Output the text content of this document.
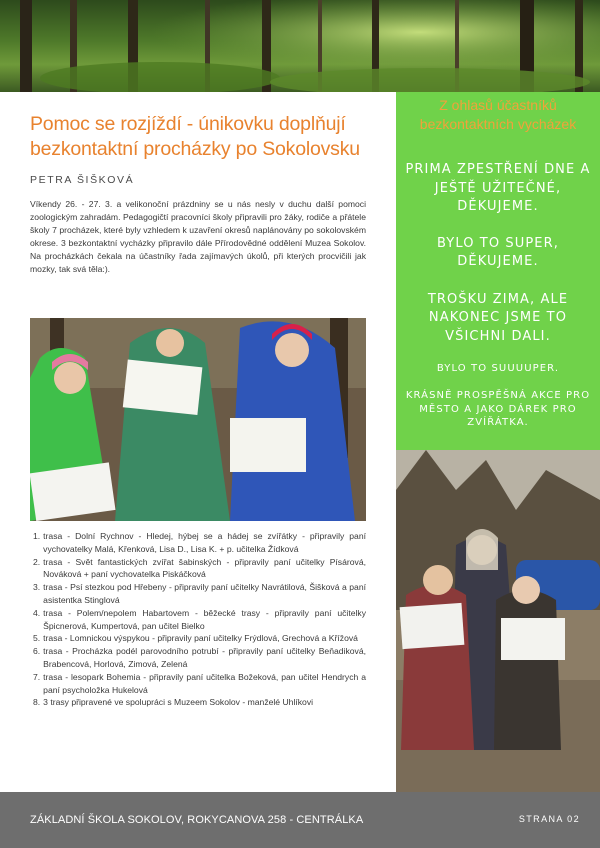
Pomoc se rozjíždí - únikovku doplňují bezkontaktní procházky po Sokolovsku
PETRA ŠIŠKOVÁ

Víkendy 26. - 27. 3. a velikonoční prázdniny se u nás nesly v duchu další pomoci zoologickým zahradám. Pedagogičtí pracovníci školy připravili pro žáky, rodiče a přátele školy 7 procházek, které byly vzhledem k uzavření okresů naplánovány po sokolovském okrese. 3 bezkontaktní vycházky připravilo dále Přírodovědné oddělení Muzea Sokolov. Na procházkách čekala na účastníky řada zajímavých úkolů, při kterých procvičili jak mozky, tak svá těla:).

1. trasa - Dolní Rychnov - Hledej, hýbej se a hádej se zvířátky - připravily paní vychovatelky Malá, Křenková, Lisa D., Lisa K. + p. učitelka Žídková
2. trasa - Svět fantastických zvířat šabinských - připravily paní učitelky Písárová, Nováková + paní vychovatelka Piskáčková
3. trasa - Psí stezkou pod Hřebeny - připravily paní učitelky Navrátilová, Šišková a paní asistentka Stinglová
4. trasa - Polem/nepolem Habartovem - běžecké trasy - připravily paní učitelky Špicnerová, Kumpertová, pan učitel Bielko
5. trasa - Lomnickou výspykou - připravily paní učitelky Frýdlová, Grechová a Křížová
6. trasa - Procházka podél parovodního potrubí - připravily paní učitelky Beňadiková, Brabencová, Horlová, Zimová, Zelená
7. trasa - lesopark Bohemia - připravily paní učitelka Božeková, pan učitel Hendrych a paní psycholožka Hukelová
8. 3 trasy připravené ve spolupráci s Muzeem Sokolov - manželé Uhlíkovi
Z ohlasů účastníků bezkontaktních vycházek
PRIMA ZPESTŘENÍ DNE A JEŠTĚ UŽITEČNÉ, DĚKUJEME.
BYLO TO SUPER, DĚKUJEME.
TROŠKU ZIMA, ALE NAKONEC JSME TO VŠICHNI DALI.
BYLO TO SUUUUPER.
KRÁSNĚ PROSPĚŠNÁ AKCE PRO MĚSTO A JAKO DÁREK PRO ZVÍŘÁTKA.
ZÁKLADNÍ ŠKOLA SOKOLOV, ROKYCANOVA 258 - CENTRÁLKA	STRANA 02
